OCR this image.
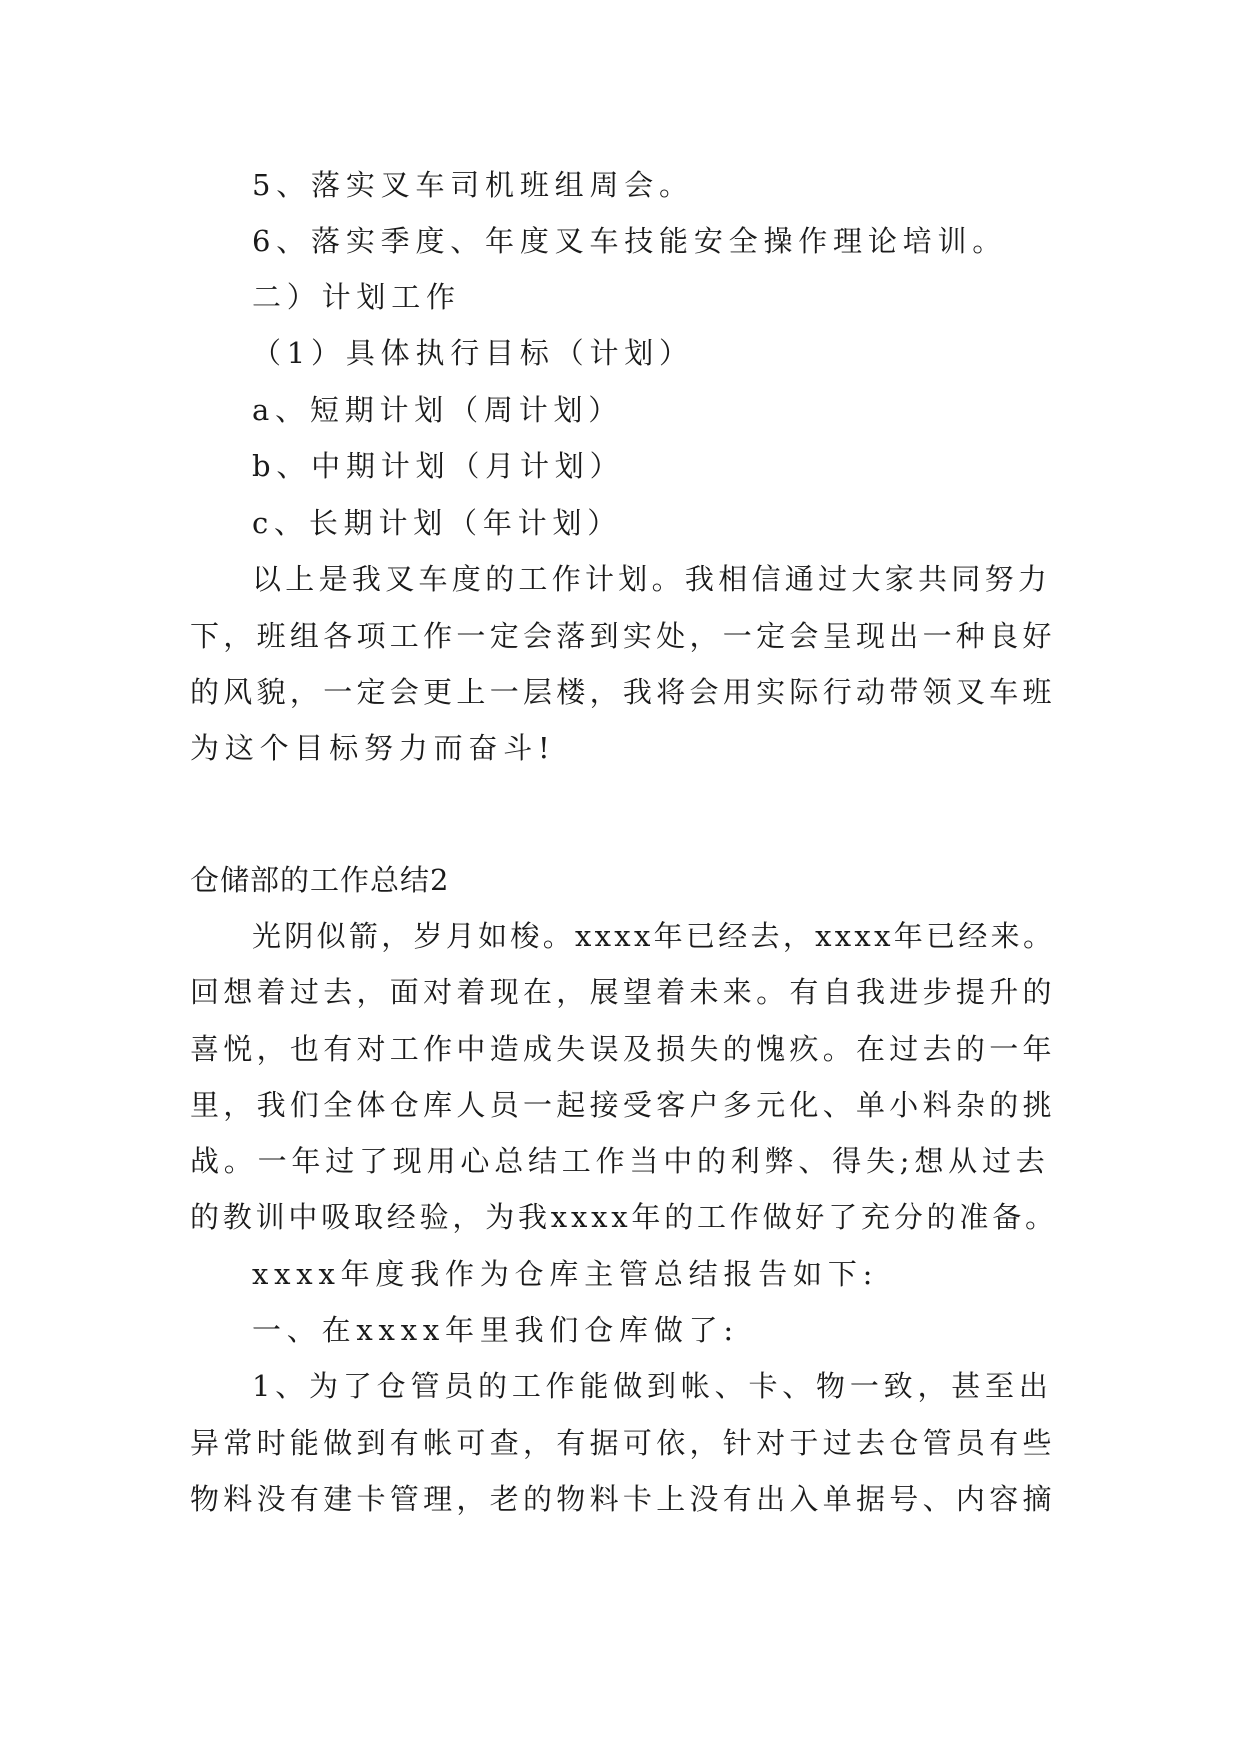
5、落实叉车司机班组周会。
6、落实季度、年度叉车技能安全操作理论培训。
二）计划工作
（1）具体执行目标（计划）
a、短期计划（周计划）
b、中期计划（月计划）
c、长期计划（年计划）
以上是我叉车度的工作计划。我相信通过大家共同努力
下，班组各项工作一定会落到实处，一定会呈现出一种良好
的风貌，一定会更上一层楼，我将会用实际行动带领叉车班
为这个目标努力而奋斗!
仓储部的工作总结2
光阴似箭，岁月如梭。xxxx年已经去，xxxx年已经来。
回想着过去，面对着现在，展望着未来。有自我进步提升的
喜悦，也有对工作中造成失误及损失的愧疚。在过去的一年
里，我们全体仓库人员一起接受客户多元化、单小料杂的挑
战。一年过了现用心总结工作当中的利弊、得失;想从过去
的教训中吸取经验，为我xxxx年的工作做好了充分的准备。
xxxx年度我作为仓库主管总结报告如下:
一、在xxxx年里我们仓库做了:
1、为了仓管员的工作能做到帐、卡、物一致，甚至出
异常时能做到有帐可查，有据可依，针对于过去仓管员有些
物料没有建卡管理，老的物料卡上没有出入单据号、内容摘
